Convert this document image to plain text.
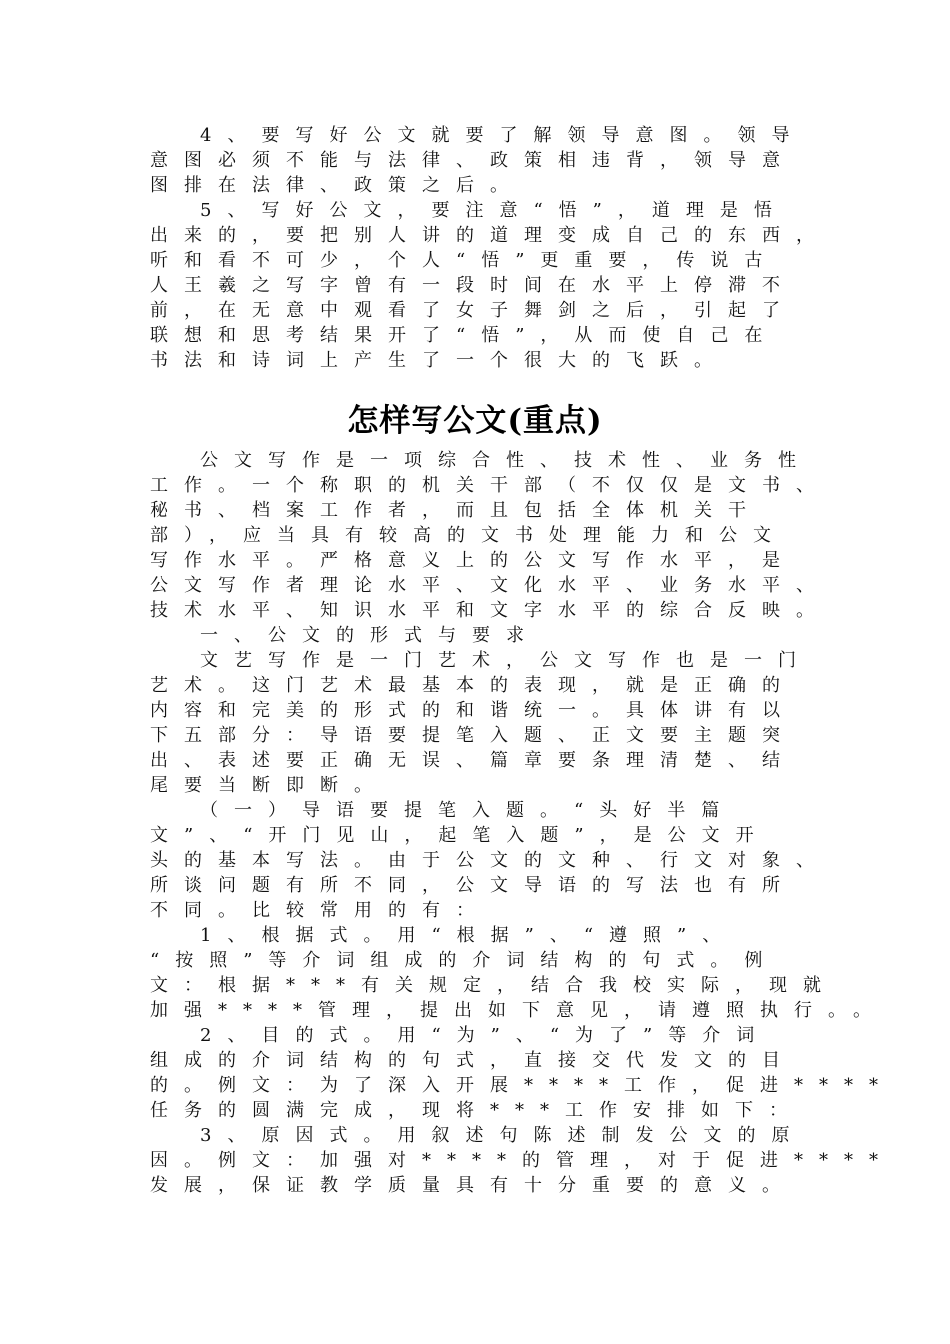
4、要写好公文就要了解领导意图。领导
意图必须不能与法律、政策相违背，领导意
图排在法律、政策之后。
5、写好公文，要注意“悟”，道理是悟
出来的，要把别人讲的道理变成自己的东西，
听和看不可少，个人“悟”更重要，传说古
人王羲之写字曾有一段时间在水平上停滞不
前，在无意中观看了女子舞剑之后，引起了
联想和思考结果开了“悟”，从而使自己在
书法和诗词上产生了一个很大的飞跃。
怎样写公文(重点)
公文写作是一项综合性、技术性、业务性
工作。一个称职的机关干部（不仅仅是文书、
秘书、档案工作者，而且包括全体机关干
部），应当具有较高的文书处理能力和公文
写作水平。严格意义上的公文写作水平，是
公文写作者理论水平、文化水平、业务水平、
技术水平、知识水平和文字水平的综合反映。
一、公文的形式与要求
文艺写作是一门艺术，公文写作也是一门
艺术。这门艺术最基本的表现，就是正确的
内容和完美的形式的和谐统一。具体讲有以
下五部分：导语要提笔入题、正文要主题突
出、表述要正确无误、篇章要条理清楚、结
尾要当断即断。
（一）导语要提笔入题。“头好半篇
文”、“开门见山，起笔入题”，是公文开
头的基本写法。由于公文的文种、行文对象、
所谈问题有所不同，公文导语的写法也有所
不同。比较常用的有：
1、根据式。用“根据”、“遵照”、
“按照”等介词组成的介词结构的句式。例
文：根据***有关规定，结合我校实际，现就
加强****管理，提出如下意见，请遵照执行。。
2、目的式。用“为”、“为了”等介词
组成的介词结构的句式，直接交代发文的目
的。例文：为了深入开展****工作，促进****
任务的圆满完成，现将***工作安排如下：
3、原因式。用叙述句陈述制发公文的原
因。例文：加强对****的管理，对于促进****
发展，保证教学质量具有十分重要的意义。
